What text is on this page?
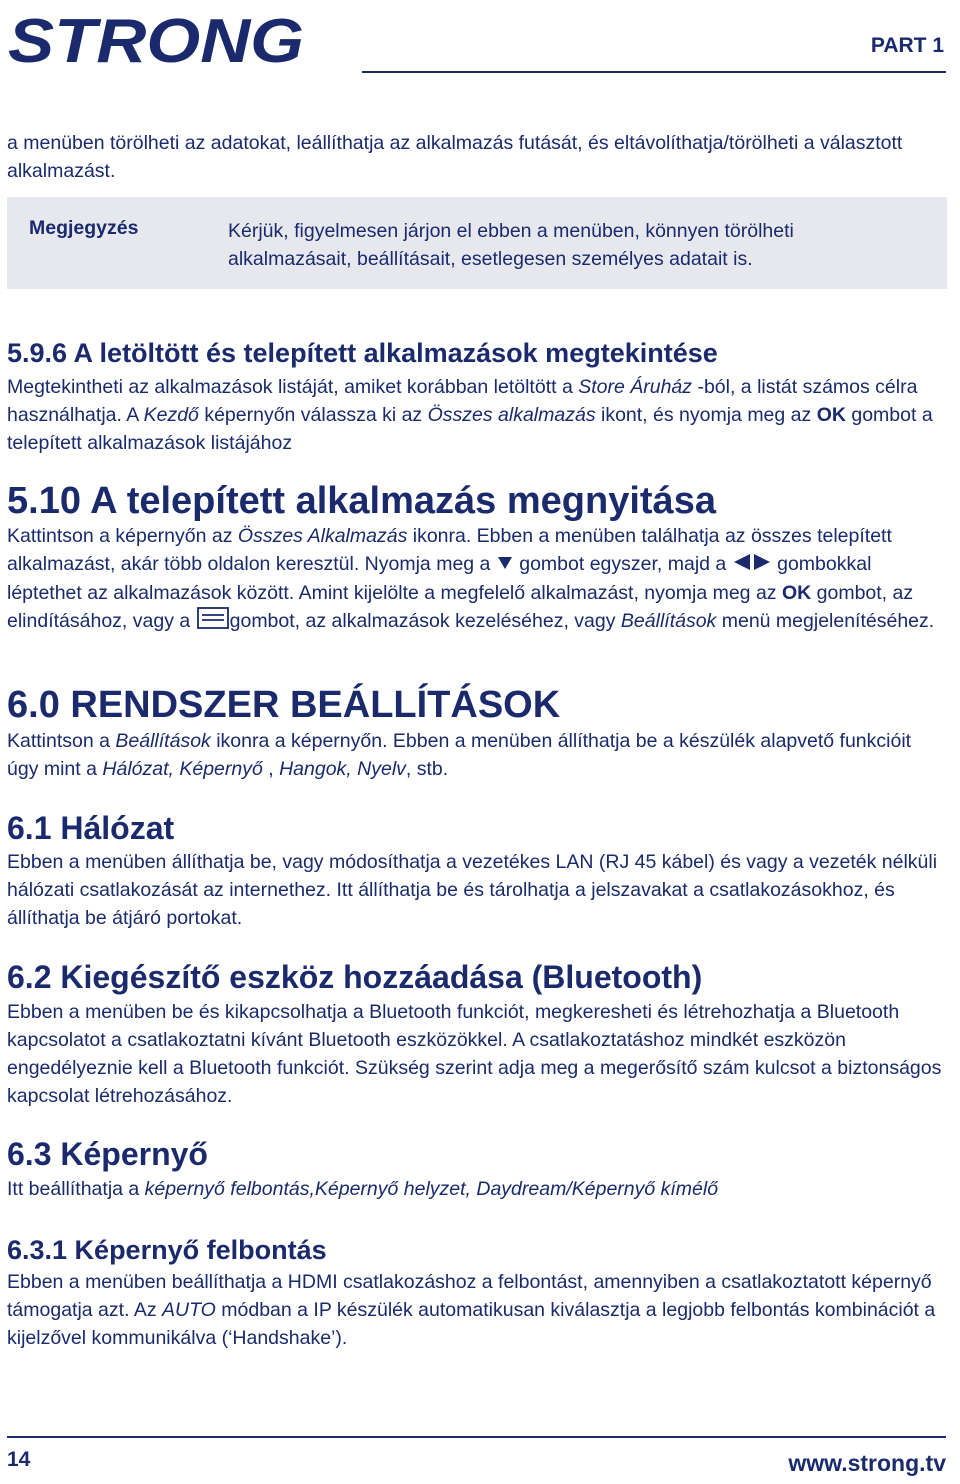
STRONG	PART 1

a menüben törölheti az adatokat, leállíthatja az alkalmazás futását, és eltávolíthatja/törölheti a választott alkalmazást.

Megjegyzés	Kérjük, figyelmesen járjon el ebben a menüben, könnyen törölheti alkalmazásait, beállításait, esetlegesen személyes adatait is.
5.9.6 A letöltött és telepített alkalmazások megtekintése

Megtekintheti az alkalmazások listáját, amiket korábban letöltött a Store Áruház -ból, a listát számos célra használhatja. A Kezdő képernyőn válassza ki az Összes alkalmazás ikont, és nyomja meg az OK gombot a telepített alkalmazások listájához

5.10 A telepített alkalmazás megnyitása

Kattintson a képernyőn az Összes Alkalmazás ikonra. Ebben a menüben találhatja az összes telepített alkalmazást, akár több oldalon keresztül. Nyomja meg a  gombot egyszer, majd a  gombokkal léptethet az alkalmazások között. Amint kijelölte a megfelelő alkalmazást, nyomja meg az OK gombot, az elindításához, vagy a gombot, az alkalmazások kezeléséhez, vagy Beállítások menü megjelenítéséhez.

6.0 RENDSZER BEÁLLÍTÁSOK

Kattintson a Beállítások ikonra a képernyőn. Ebben a menüben állíthatja be a készülék alapvető funkcióit úgy mint a Hálózat, Képernyő , Hangok, Nyelv, stb.

6.1 Hálózat

Ebben a menüben állíthatja be, vagy módosíthatja a vezetékes LAN (RJ 45 kábel) és vagy a vezeték nélküli hálózati csatlakozását az internethez. Itt állíthatja be és tárolhatja a jelszavakat a csatlakozásokhoz, és állíthatja be átjáró portokat.

6.2 Kiegészítő eszköz hozzáadása (Bluetooth)

Ebben a menüben be és kikapcsolhatja a Bluetooth funkciót, megkeresheti és létrehozhatja a Bluetooth kapcsolatot a csatlakoztatni kívánt Bluetooth eszközökkel. A csatlakoztatáshoz mindkét eszközön engedélyeznie kell a Bluetooth funkciót. Szükség szerint adja meg a megerősítő szám kulcsot a biztonságos kapcsolat létrehozásához.

6.3 Képernyő

Itt beállíthatja a képernyő felbontás,Képernyő helyzet, Daydream/Képernyő kímélő

6.3.1 Képernyő felbontás

Ebben a menüben beállíthatja a HDMI csatlakozáshoz a felbontást, amennyiben a csatlakoztatott képernyő támogatja azt. Az AUTO módban a IP készülék automatikusan kiválasztja a legjobb felbontás kombinációt a kijelzővel kommunikálva (‘Handshake’).

14	www.strong.tv
